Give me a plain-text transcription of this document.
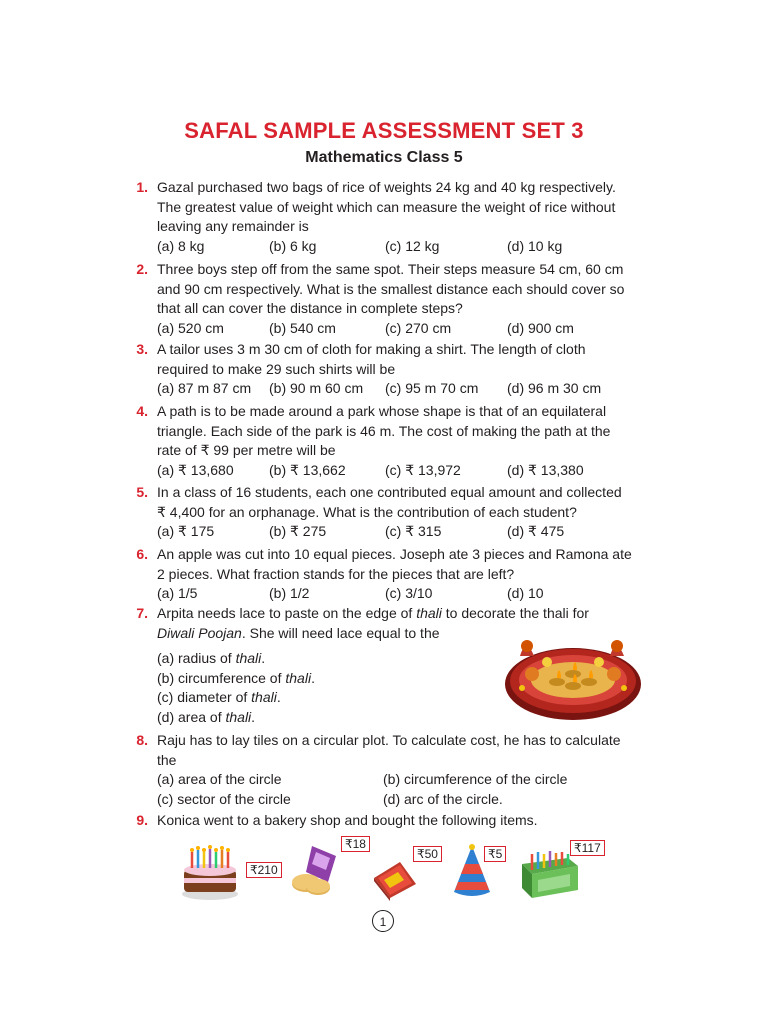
SAFAL SAMPLE ASSESSMENT SET 3
Mathematics Class 5
1. Gazal purchased two bags of rice of weights 24 kg and 40 kg respectively.
The greatest value of weight which can measure the weight of rice without
leaving any remainder is
(a) 8 kg	(b) 6 kg	(c) 12 kg	(d) 10 kg
2. Three boys step off from the same spot. Their steps measure 54 cm, 60 cm
and 90 cm respectively. What is the smallest distance each should cover so
that all can cover the distance in complete steps?
(a) 520 cm	(b) 540 cm	(c) 270 cm	(d) 900 cm
3. A tailor uses 3 m 30 cm of cloth for making a shirt. The length of cloth
required to make 29 such shirts will be
(a) 87 m 87 cm (b) 90 m 60 cm (c) 95 m 70 cm (d) 96 m 30 cm
4. A path is to be made around a park whose shape is that of an equilateral
triangle. Each side of the park is 46 m. The cost of making the path at the
rate of ₹ 99 per metre will be
(a) ₹ 13,680	(b) ₹ 13,662	(c) ₹ 13,972	(d) ₹ 13,380
5. In a class of 16 students, each one contributed equal amount and collected
₹ 4,400 for an orphanage. What is the contribution of each student?
(a) ₹ 175	(b) ₹ 275	(c) ₹ 315	(d) ₹ 475
6. An apple was cut into 10 equal pieces. Joseph ate 3 pieces and Ramona ate
2 pieces. What fraction stands for the pieces that are left?
(a) 1/5	(b) 1/2	(c) 3/10	(d) 10
7. Arpita needs lace to paste on the edge of thali to decorate the thali for
Diwali Poojan. She will need lace equal to the
(a) radius of thali.
(b) circumference of thali.
(c) diameter of thali.
(d) area of thali.
8. Raju has to lay tiles on a circular plot. To calculate cost, he has to calculate
the
(a) area of the circle	(b) circumference of the circle
(c) sector of the circle	(d) arc of the circle.
9. Konica went to a bakery shop and bought the following items.
₹210
₹18
₹50	₹5	₹117
1
